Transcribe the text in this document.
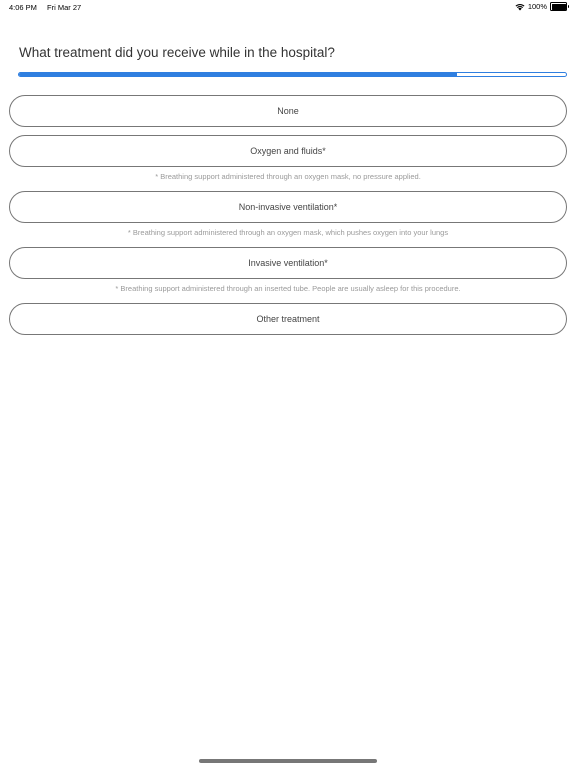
4:06 PM Fri Mar 27	100%
What treatment did you receive while in the hospital?
None
Oxygen and fluids*
* Breathing support administered through an oxygen mask, no pressure applied.
Non-invasive ventilation*
* Breathing support administered through an oxygen mask, which pushes oxygen into your lungs
Invasive ventilation*
* Breathing support administered through an inserted tube. People are usually asleep for this procedure.
Other treatment
